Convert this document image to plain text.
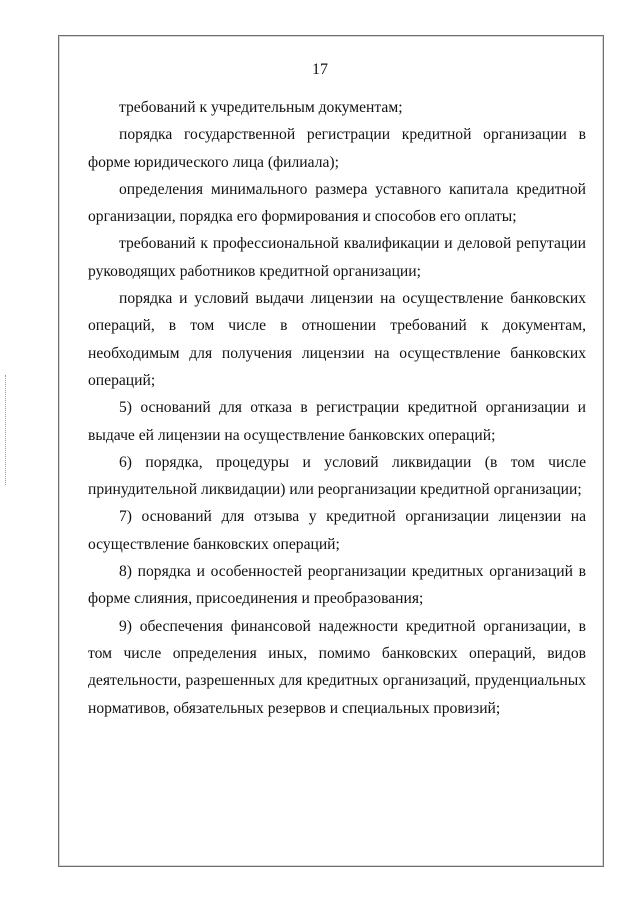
17

требований к учредительным документам;

порядка государственной регистрации кредитной организации в форме юридического лица (филиала);

определения минимального размера уставного капитала кредитной организации, порядка его формирования и способов его оплаты;

требований к профессиональной квалификации и деловой репутации руководящих работников кредитной организации;

порядка и условий выдачи лицензии на осуществление банковских операций, в том числе в отношении требований к документам, необходимым для получения лицензии на осуществление банковских операций;

5) оснований для отказа в регистрации кредитной организации и выдаче ей лицензии на осуществление банковских операций;

6) порядка, процедуры и условий ликвидации (в том числе принудительной ликвидации) или реорганизации кредитной организации;

7) оснований для отзыва у кредитной организации лицензии на осуществление банковских операций;

8) порядка и особенностей реорганизации кредитных организаций в форме слияния, присоединения и преобразования;

9) обеспечения финансовой надежности кредитной организации, в том числе определения иных, помимо банковских операций, видов деятельности, разрешенных для кредитных организаций, пруденциальных нормативов, обязательных резервов и специальных провизий;
